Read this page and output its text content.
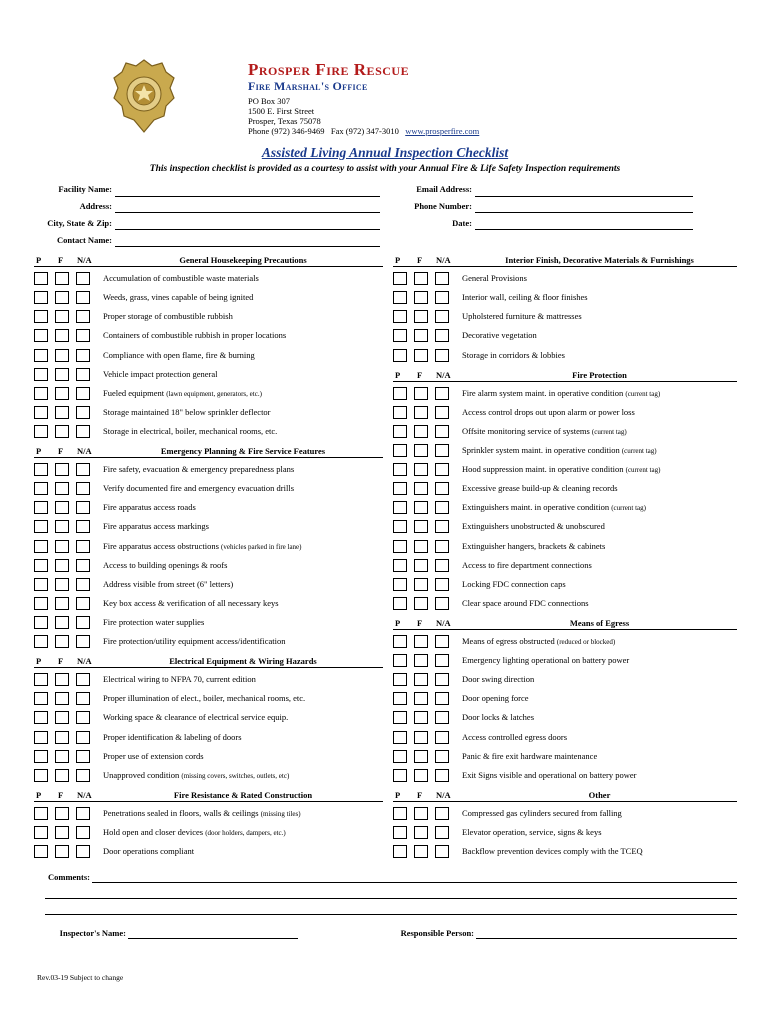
Prosper Fire Rescue
Fire Marshal's Office
PO Box 307
1500 E. First Street
Prosper, Texas 75078
Phone (972) 346-9469   Fax (972) 347-3010 www.prosperfire.com
Assisted Living Annual Inspection Checklist
This inspection checklist is provided as a courtesy to assist with your Annual Fire & Life Safety Inspection requirements
Facility Name:
Address:
City, State & Zip:
Contact Name:
Email Address:
Phone Number:
Date:
P F N/A	General Housekeeping Precautions
Accumulation of combustible waste materials
Weeds, grass, vines capable of being ignited
Proper storage of combustible rubbish
Containers of combustible rubbish in proper locations
Compliance with open flame, fire & burning
Vehicle impact protection general
Fueled equipment (lawn equipment, generators, etc.)
Storage maintained 18" below sprinkler deflector
Storage in electrical, boiler, mechanical rooms, etc.
P F N/A	Emergency Planning & Fire Service Features
Fire safety, evacuation & emergency preparedness plans
Verify documented fire and emergency evacuation drills
Fire apparatus access roads
Fire apparatus access markings
Fire apparatus access obstructions (vehicles parked in fire lane)
Access to building openings & roofs
Address visible from street (6" letters)
Key box access & verification of all necessary keys
Fire protection water supplies
Fire protection/utility equipment access/identification
P F N/A	Electrical Equipment & Wiring Hazards
Electrical wiring to NFPA 70, current edition
Proper illumination of elect., boiler, mechanical rooms, etc.
Working space & clearance of electrical service equip.
Proper identification & labeling of doors
Proper use of extension cords
Unapproved condition (missing covers, switches, outlets, etc)
P F N/A	Fire Resistance & Rated Construction
Penetrations sealed in floors, walls & ceilings (missing tiles)
Hold open and closer devices (door holders, dampers, etc.)
Door operations compliant
P F N/A	Interior Finish, Decorative Materials & Furnishings
General Provisions
Interior wall, ceiling & floor finishes
Upholstered furniture & mattresses
Decorative vegetation
Storage in corridors & lobbies
P F N/A	Fire Protection
Fire alarm system maint. in operative condition (current tag)
Access control drops out upon alarm or power loss
Offsite monitoring service of systems (current tag)
Sprinkler system maint. in operative condition (current tag)
Hood suppression maint. in operative condition (current tag)
Excessive grease build-up & cleaning records
Extinguishers maint. in operative condition (current tag)
Extinguishers unobstructed & unobscured
Extinguisher hangers, brackets & cabinets
Access to fire department connections
Locking FDC connection caps
Clear space around FDC connections
P F N/A	Means of Egress
Means of egress obstructed (reduced or blocked)
Emergency lighting operational on battery power
Door swing direction
Door opening force
Door locks & latches
Access controlled egress doors
Panic & fire exit hardware maintenance
Exit Signs visible and operational on battery power
P F N/A	Other
Compressed gas cylinders secured from falling
Elevator operation, service, signs & keys
Backflow prevention devices comply with the TCEQ
Comments:
Inspector's Name:	Responsible Person:
Rev.03-19 Subject to change
